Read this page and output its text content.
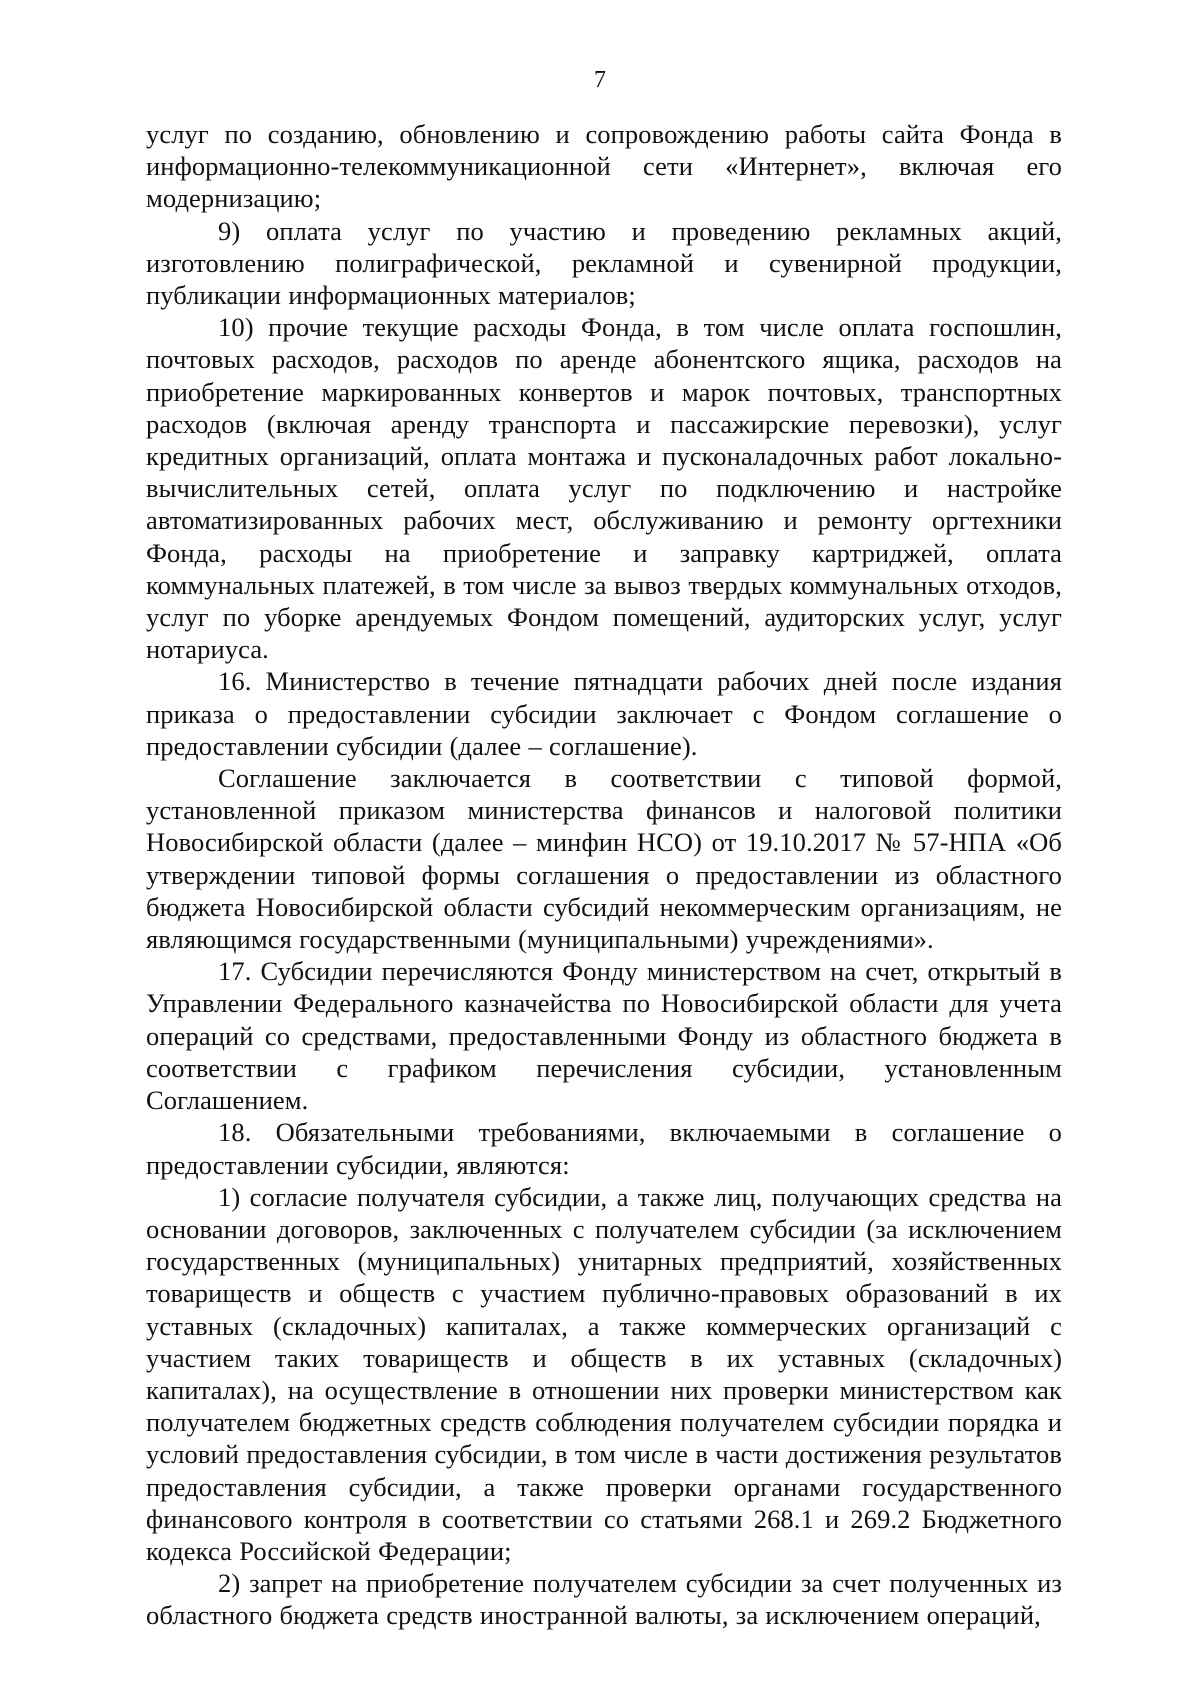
7

услуг по созданию, обновлению и сопровождению работы сайта Фонда в информационно-телекоммуникационной сети «Интернет», включая его модернизацию;

9) оплата услуг по участию и проведению рекламных акций, изготовлению полиграфической, рекламной и сувенирной продукции, публикации информационных материалов;

10) прочие текущие расходы Фонда, в том числе оплата госпошлин, почтовых расходов, расходов по аренде абонентского ящика, расходов на приобретение маркированных конвертов и марок почтовых, транспортных расходов (включая аренду транспорта и пассажирские перевозки), услуг кредитных организаций, оплата монтажа и пусконаладочных работ локально-вычислительных сетей, оплата услуг по подключению и настройке автоматизированных рабочих мест, обслуживанию и ремонту оргтехники Фонда, расходы на приобретение и заправку картриджей, оплата коммунальных платежей, в том числе за вывоз твердых коммунальных отходов, услуг по уборке арендуемых Фондом помещений, аудиторских услуг, услуг нотариуса.

16. Министерство в течение пятнадцати рабочих дней после издания приказа о предоставлении субсидии заключает с Фондом соглашение о предоставлении субсидии (далее – соглашение).

Соглашение заключается в соответствии с типовой формой, установленной приказом министерства финансов и налоговой политики Новосибирской области (далее – минфин НСО) от 19.10.2017 № 57-НПА «Об утверждении типовой формы соглашения о предоставлении из областного бюджета Новосибирской области субсидий некоммерческим организациям, не являющимся государственными (муниципальными) учреждениями».

17. Субсидии перечисляются Фонду министерством на счет, открытый в Управлении Федерального казначейства по Новосибирской области для учета операций со средствами, предоставленными Фонду из областного бюджета в соответствии с графиком перечисления субсидии, установленным Соглашением.

18. Обязательными требованиями, включаемыми в соглашение о предоставлении субсидии, являются:

1) согласие получателя субсидии, а также лиц, получающих средства на основании договоров, заключенных с получателем субсидии (за исключением государственных (муниципальных) унитарных предприятий, хозяйственных товариществ и обществ с участием публично-правовых образований в их уставных (складочных) капиталах, а также коммерческих организаций с участием таких товариществ и обществ в их уставных (складочных) капиталах), на осуществление в отношении них проверки министерством как получателем бюджетных средств соблюдения получателем субсидии порядка и условий предоставления субсидии, в том числе в части достижения результатов предоставления субсидии, а также проверки органами государственного финансового контроля в соответствии со статьями 268.1 и 269.2 Бюджетного кодекса Российской Федерации;

2) запрет на приобретение получателем субсидии за счет полученных из областного бюджета средств иностранной валюты, за исключением операций,
